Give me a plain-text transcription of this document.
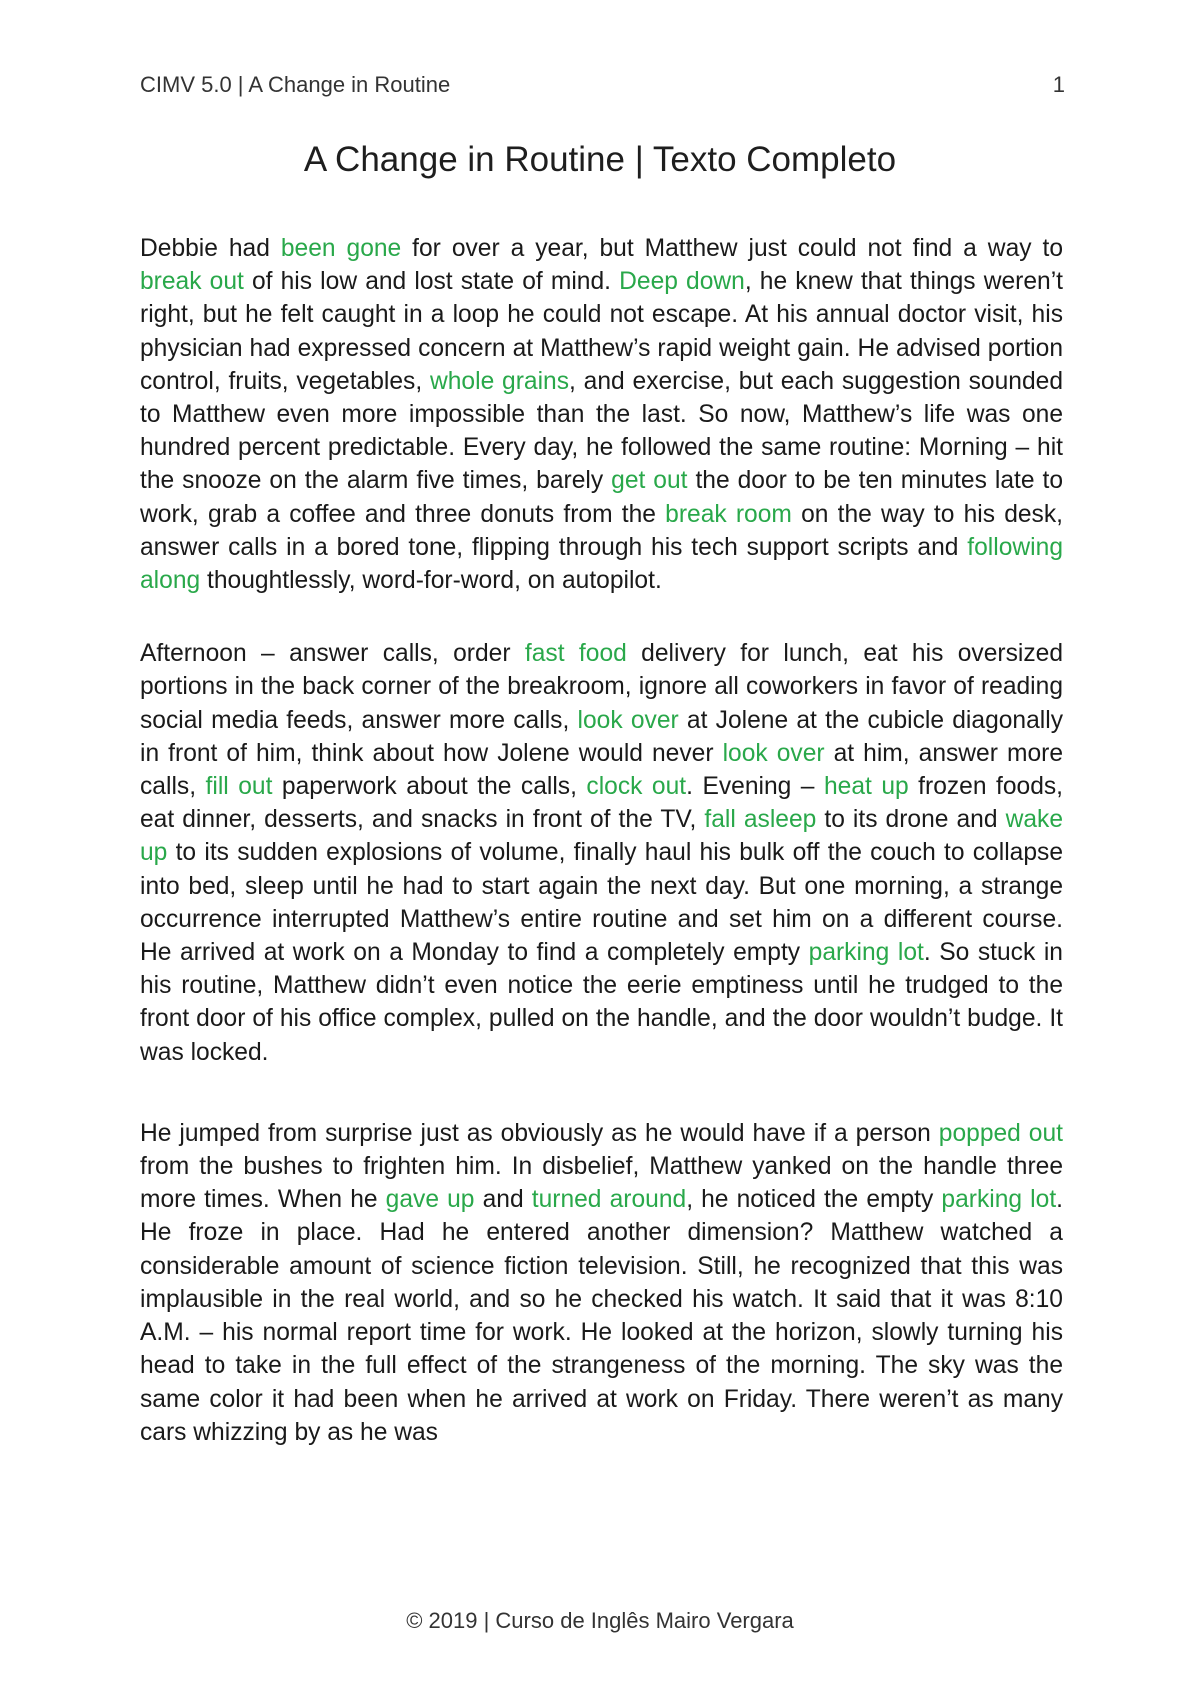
CIMV 5.0 | A Change in Routine	1
A Change in Routine | Texto Completo

Debbie had been gone for over a year, but Matthew just could not find a way to break out of his low and lost state of mind. Deep down, he knew that things weren’t right, but he felt caught in a loop he could not escape. At his annual doctor visit, his physician had expressed concern at Matthew’s rapid weight gain. He advised portion control, fruits, vegetables, whole grains, and exercise, but each suggestion sounded to Matthew even more impossible than the last. So now, Matthew’s life was one hundred percent predictable. Every day, he followed the same routine: Morning – hit the snooze on the alarm five times, barely get out the door to be ten minutes late to work, grab a coffee and three donuts from the break room on the way to his desk, answer calls in a bored tone, flipping through his tech support scripts and following along thoughtlessly, word-for-word, on autopilot.

Afternoon – answer calls, order fast food delivery for lunch, eat his oversized portions in the back corner of the breakroom, ignore all coworkers in favor of reading social media feeds, answer more calls, look over at Jolene at the cubicle diagonally in front of him, think about how Jolene would never look over at him, answer more calls, fill out paperwork about the calls, clock out. Evening – heat up frozen foods, eat dinner, desserts, and snacks in front of the TV, fall asleep to its drone and wake up to its sudden explosions of volume, finally haul his bulk off the couch to collapse into bed, sleep until he had to start again the next day. But one morning, a strange occurrence interrupted Matthew’s entire routine and set him on a different course. He arrived at work on a Monday to find a completely empty parking lot. So stuck in his routine, Matthew didn’t even notice the eerie emptiness until he trudged to the front door of his office complex, pulled on the handle, and the door wouldn’t budge. It was locked.

He jumped from surprise just as obviously as he would have if a person popped out from the bushes to frighten him. In disbelief, Matthew yanked on the handle three more times. When he gave up and turned around, he noticed the empty parking lot. He froze in place. Had he entered another dimension? Matthew watched a considerable amount of science fiction television. Still, he recognized that this was implausible in the real world, and so he checked his watch. It said that it was 8:10 A.M. – his normal report time for work. He looked at the horizon, slowly turning his head to take in the full effect of the strangeness of the morning. The sky was the same color it had been when he arrived at work on Friday. There weren’t as many cars whizzing by as he was

© 2019 | Curso de Inglês Mairo Vergara
